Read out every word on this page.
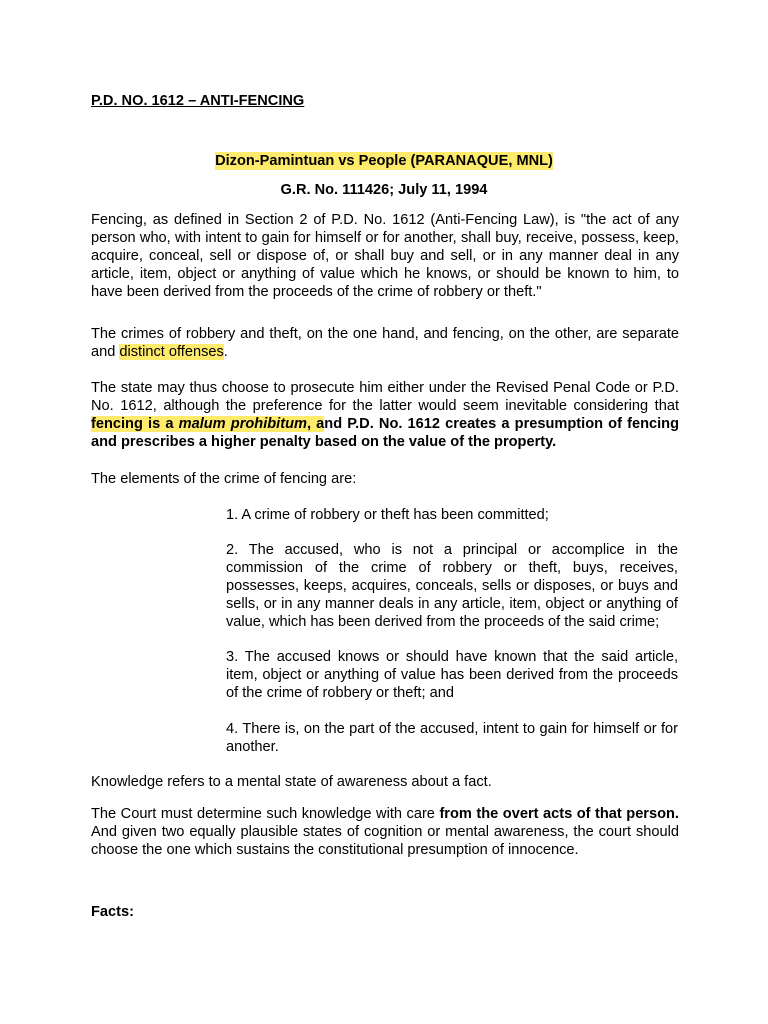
P.D. NO. 1612 – ANTI-FENCING

Dizon-Pamintuan vs People (PARANAQUE, MNL)

G.R. No. 111426; July 11, 1994

Fencing, as defined in Section 2 of P.D. No. 1612 (Anti-Fencing Law), is "the act of any person who, with intent to gain for himself or for another, shall buy, receive, possess, keep, acquire, conceal, sell or dispose of, or shall buy and sell, or in any manner deal in any article, item, object or anything of value which he knows, or should be known to him, to have been derived from the proceeds of the crime of robbery or theft."

The crimes of robbery and theft, on the one hand, and fencing, on the other, are separate and distinct offenses.

The state may thus choose to prosecute him either under the Revised Penal Code or P.D. No. 1612, although the preference for the latter would seem inevitable considering that fencing is a malum prohibitum, and P.D. No. 1612 creates a presumption of fencing and prescribes a higher penalty based on the value of the property.

The elements of the crime of fencing are:

1. A crime of robbery or theft has been committed;

2. The accused, who is not a principal or accomplice in the commission of the crime of robbery or theft, buys, receives, possesses, keeps, acquires, conceals, sells or disposes, or buys and sells, or in any manner deals in any article, item, object or anything of value, which has been derived from the proceeds of the said crime;

3. The accused knows or should have known that the said article, item, object or anything of value has been derived from the proceeds of the crime of robbery or theft; and

4. There is, on the part of the accused, intent to gain for himself or for another.

Knowledge refers to a mental state of awareness about a fact.

The Court must determine such knowledge with care from the overt acts of that person. And given two equally plausible states of cognition or mental awareness, the court should choose the one which sustains the constitutional presumption of innocence.

Facts:
